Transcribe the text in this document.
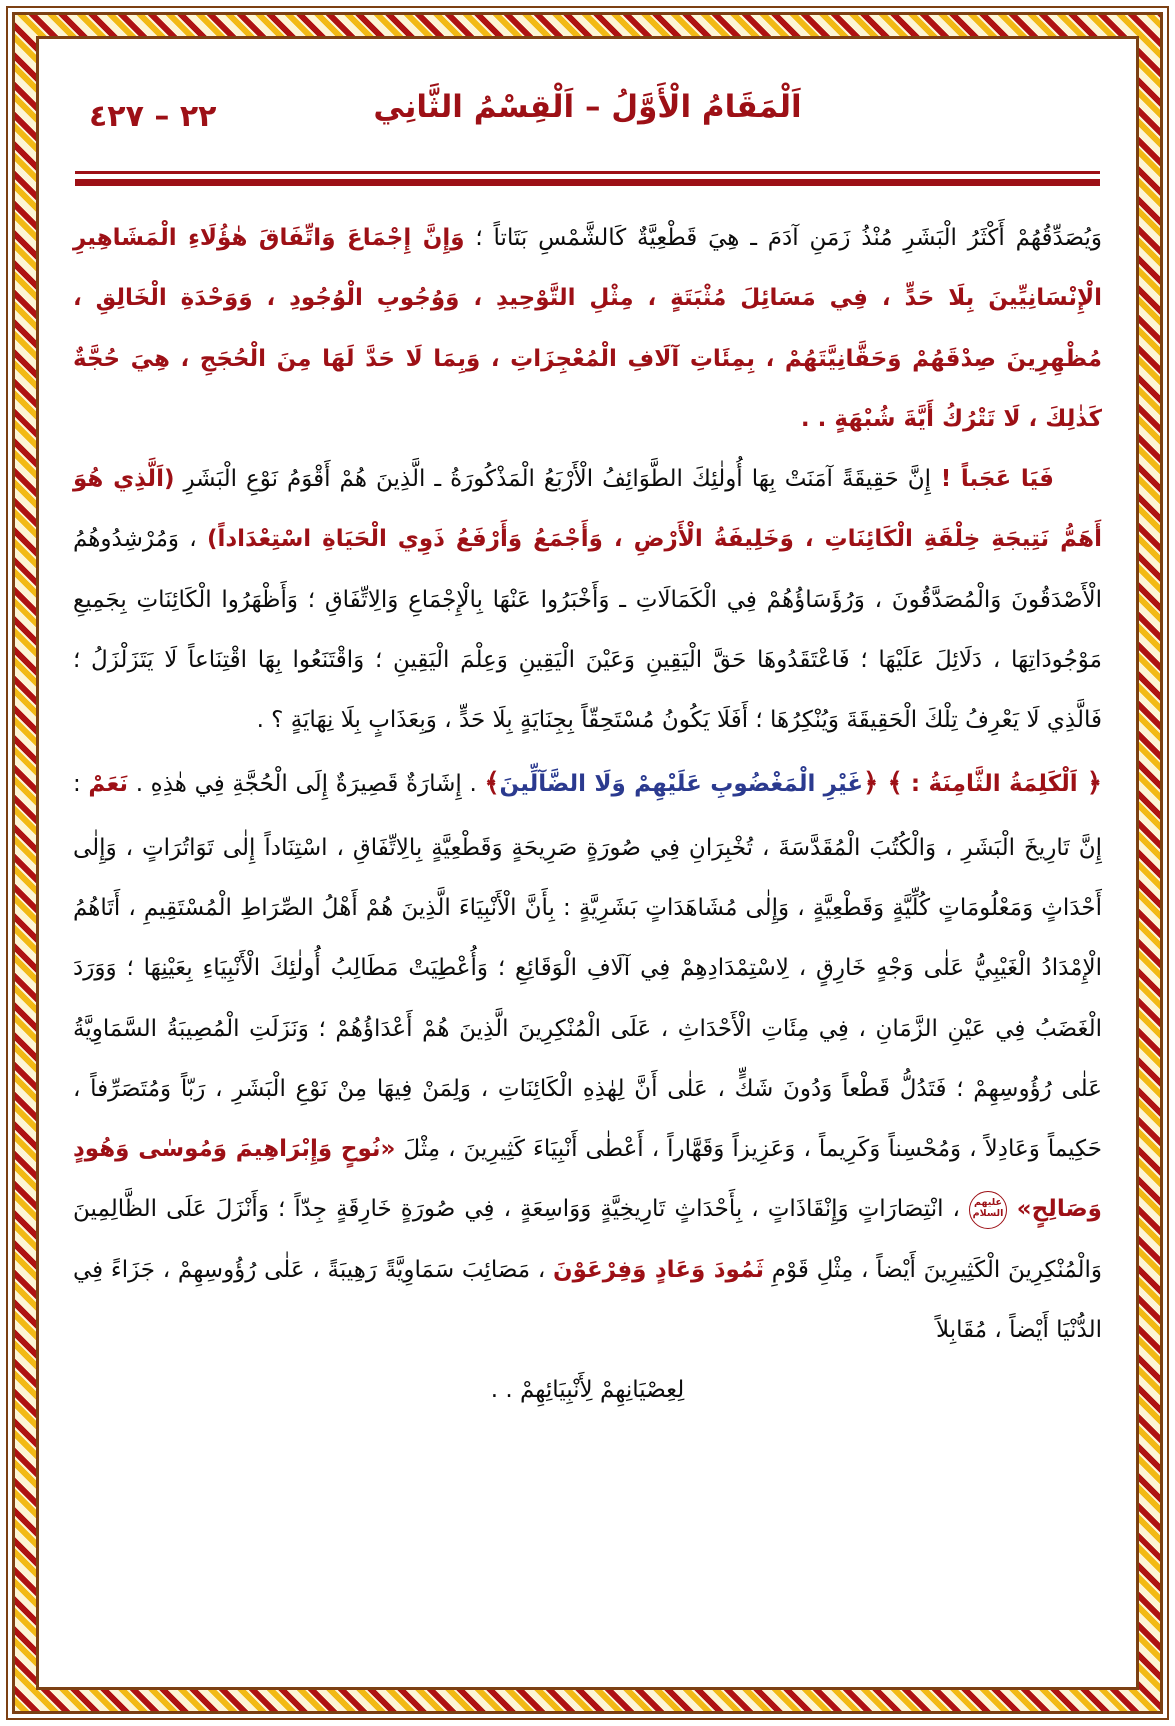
٢٢ – ٤٢٧	اَلْمَقَامُ الْأَوَّلُ – اَلْقِسْمُ الثَّانِي

وَيُصَدِّقُهُمْ أَكْثَرُ الْبَشَرِ مُنْذُ زَمَنِ آدَمَ ـ هِيَ قَطْعِيَّةٌ كَالشَّمْسِ بَتَاتاً ؛ وَإِنَّ إِجْمَاعَ وَاتِّفَاقَ هٰؤُلَاءِ الْمَشَاهِيرِ الْإِنْسَانِيِّينَ بِلَا حَدٍّ ، فِي مَسَائِلَ مُثْبَتَةٍ ، مِثْلِ التَّوْحِيدِ ، وَوُجُوبِ الْوُجُودِ ، وَوَحْدَةِ الْخَالِقِ ، مُظْهِرِينَ صِدْقَهُمْ وَحَقَّانِيَّتَهُمْ ، بِمِئَاتِ آلَافِ الْمُعْجِزَاتِ ، وَبِمَا لَا حَدَّ لَهَا مِنَ الْحُجَجِ ، هِيَ حُجَّةٌ كَذٰلِكَ ، لَا تَتْرُكُ أَيَّةَ شُبْهَةٍ . .

فَيَا عَجَباً ! إِنَّ حَقِيقَةً آمَنَتْ بِهَا أُولٰئِكَ الطَّوَائِفُ الْأَرْبَعُ الْمَذْكُورَةُ ـ الَّذِينَ هُمْ أَقْوَمُ نَوْعِ الْبَشَرِ (اَلَّذِي هُوَ أَهَمُّ نَتِيجَةِ خِلْقَةِ الْكَائِنَاتِ ، وَخَلِيفَةُ الْأَرْضِ ، وَأَجْمَعُ وَأَرْفَعُ ذَوِي الْحَيَاةِ اسْتِعْدَاداً) ، وَمُرْشِدُوهُمُ الْأَصْدَقُونَ وَالْمُصَدَّقُونَ ، وَرُؤَسَاؤُهُمْ فِي الْكَمَالَاتِ ـ وَأَخْبَرُوا عَنْهَا بِالْإِجْمَاعِ وَالِاتِّفَاقِ ؛ وَأَظْهَرُوا الْكَائِنَاتِ بِجَمِيعِ مَوْجُودَاتِهَا ، دَلَائِلَ عَلَيْهَا ؛ فَاعْتَقَدُوهَا حَقَّ الْيَقِينِ وَعَيْنَ الْيَقِينِ وَعِلْمَ الْيَقِينِ ؛ وَاقْتَنَعُوا بِهَا اقْتِنَاعاً لَا يَتَزَلْزَلُ ؛ فَالَّذِي لَا يَعْرِفُ تِلْكَ الْحَقِيقَةَ وَيُنْكِرُهَا ؛ أَفَلَا يَكُونُ مُسْتَحِقّاً بِجِنَايَةٍ بِلَا حَدٍّ ، وَبِعَذَابٍ بِلَا نِهَايَةٍ ؟ .

﴿ اَلْكَلِمَةُ الثَّامِنَةُ : ﴾ ﴿غَيْرِ الْمَغْضُوبِ عَلَيْهِمْ وَلَا الضَّآلِّينَ﴾ . إِشَارَةٌ قَصِيرَةٌ إِلَى الْحُجَّةِ فِي هٰذِهِ . نَعَمْ : إِنَّ تَارِيخَ الْبَشَرِ ، وَالْكُتُبَ الْمُقَدَّسَةَ ، تُخْبِرَانِ فِي صُورَةٍ صَرِيحَةٍ وَقَطْعِيَّةٍ بِالِاتِّفَاقِ ، اسْتِنَاداً إِلٰى تَوَاتُرَاتٍ ، وَإِلٰى أَحْدَاثٍ وَمَعْلُومَاتٍ كُلِّيَّةٍ وَقَطْعِيَّةٍ ، وَإِلٰى مُشَاهَدَاتٍ بَشَرِيَّةٍ : بِأَنَّ الْأَنْبِيَاءَ الَّذِينَ هُمْ أَهْلُ الصِّرَاطِ الْمُسْتَقِيمِ ، أَتَاهُمُ الْإِمْدَادُ الْغَيْبِيُّ عَلٰى وَجْهٍ خَارِقٍ ، لِاسْتِمْدَادِهِمْ فِي آلَافِ الْوَقَائِعِ ؛ وَأُعْطِيَتْ مَطَالِبُ أُولٰئِكَ الْأَنْبِيَاءِ بِعَيْنِهَا ؛ وَوَرَدَ الْغَضَبُ فِي عَيْنِ الزَّمَانِ ، فِي مِئَاتِ الْأَحْدَاثِ ، عَلَى الْمُنْكِرِينَ الَّذِينَ هُمْ أَعْدَاؤُهُمْ ؛ وَنَزَلَتِ الْمُصِيبَةُ السَّمَاوِيَّةُ عَلٰى رُؤُوسِهِمْ ؛ فَتَدُلُّ قَطْعاً وَدُونَ شَكٍّ ، عَلٰى أَنَّ لِهٰذِهِ الْكَائِنَاتِ ، وَلِمَنْ فِيهَا مِنْ نَوْعِ الْبَشَرِ ، رَبّاً وَمُتَصَرِّفاً ، حَكِيماً وَعَادِلاً ، وَمُحْسِناً وَكَرِيماً ، وَعَزِيزاً وَقَهَّاراً ، أَعْطٰى أَنْبِيَاءَ كَثِيرِينَ ، مِثْلَ «نُوحٍ وَإِبْرَاهِيمَ وَمُوسٰى وَهُودٍ وَصَالِحٍ» عليهم السلام ، انْتِصَارَاتٍ وَإِنْقَاذَاتٍ ، بِأَحْدَاثٍ تَارِيخِيَّةٍ وَوَاسِعَةٍ ، فِي صُورَةٍ خَارِقَةٍ جِدّاً ؛ وَأَنْزَلَ عَلَى الظَّالِمِينَ وَالْمُنْكِرِينَ الْكَثِيرِينَ أَيْضاً ، مِثْلِ قَوْمِ ثَمُودَ وَعَادٍ وَفِرْعَوْنَ ، مَصَائِبَ سَمَاوِيَّةً رَهِيبَةً ، عَلٰى رُؤُوسِهِمْ ، جَزَاءً فِي الدُّنْيَا أَيْضاً ، مُقَابِلاً

لِعِصْيَانِهِمْ لِأَنْبِيَائِهِمْ . .
